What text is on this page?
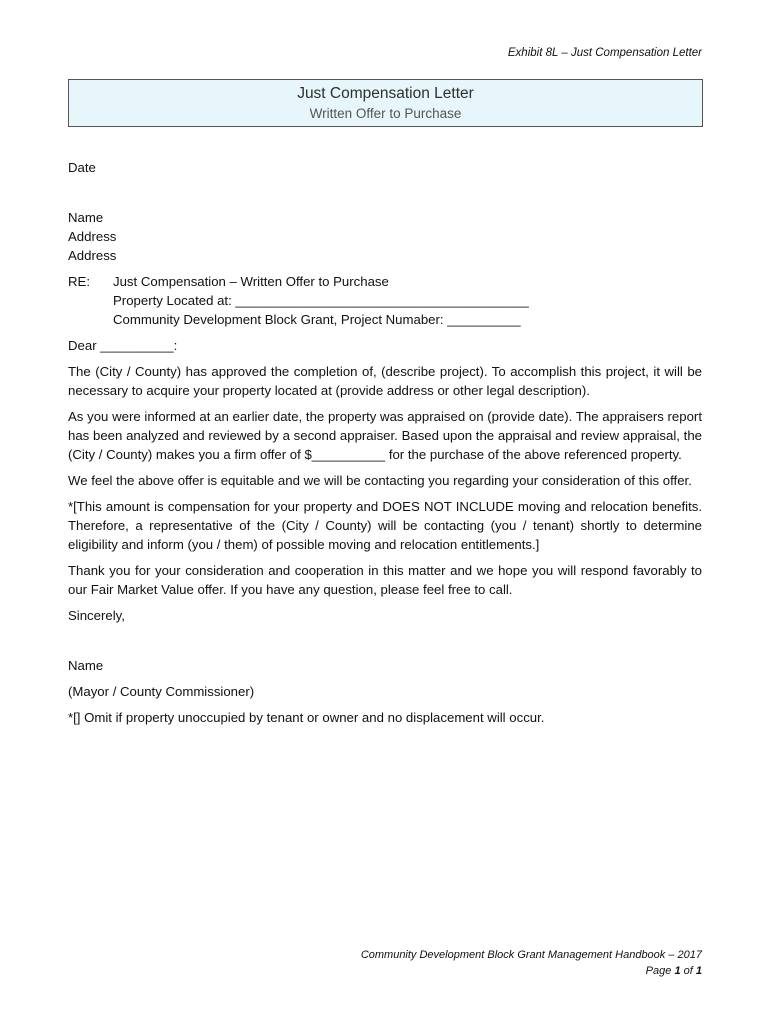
Exhibit 8L – Just Compensation Letter
Just Compensation Letter
Written Offer to Purchase
Date
Name
Address
Address
RE:	Just Compensation – Written Offer to Purchase
Property Located at: ________________________________________
Community Development Block Grant, Project Numaber: __________
Dear __________:

The (City / County) has approved the completion of, (describe project). To accomplish this project, it will be necessary to acquire your property located at (provide address or other legal description).

As you were informed at an earlier date, the property was appraised on (provide date). The appraisers report has been analyzed and reviewed by a second appraiser. Based upon the appraisal and review appraisal, the (City / County) makes you a firm offer of $__________ for the purchase of the above referenced property.

We feel the above offer is equitable and we will be contacting you regarding your consideration of this offer.

*[This amount is compensation for your property and DOES NOT INCLUDE moving and relocation benefits. Therefore, a representative of the (City / County) will be contacting (you / tenant) shortly to determine eligibility and inform (you / them) of possible moving and relocation entitlements.]

Thank you for your consideration and cooperation in this matter and we hope you will respond favorably to our Fair Market Value offer. If you have any question, please feel free to call.

Sincerely,
Name
(Mayor / County Commissioner)
*[] Omit if property unoccupied by tenant or owner and no displacement will occur.
Community Development Block Grant Management Handbook – 2017
Page 1 of 1
